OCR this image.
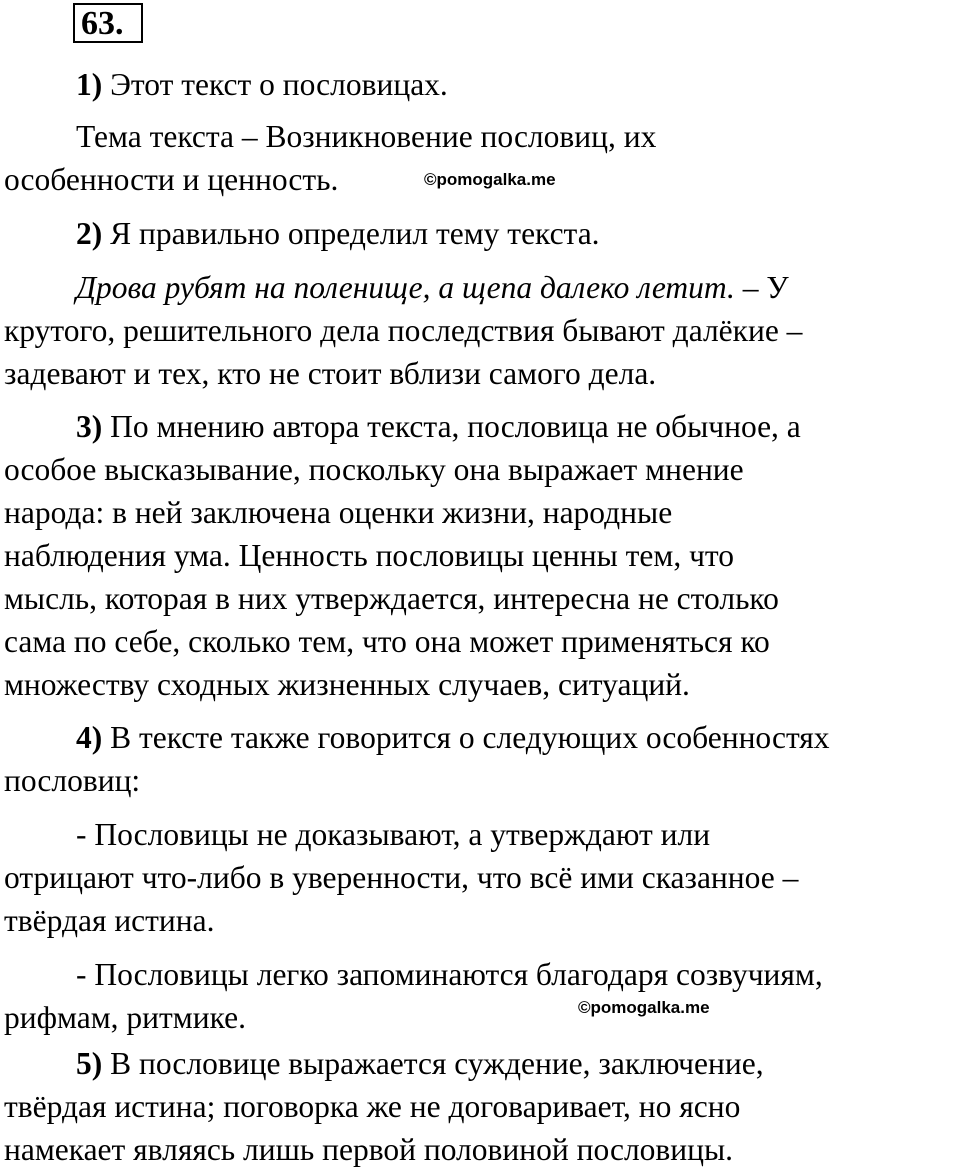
63.
1) Этот текст о пословицах.
Тема текста – Возникновение пословиц, их
особенности и ценность.	©pomogalka.me
2) Я правильно определил тему текста.
Дрова рубят на поленище, а щепа далеко летит. – У
крутого, решительного дела последствия бывают далёкие –
задевают и тех, кто не стоит вблизи самого дела.
3) По мнению автора текста, пословица не обычное, а
особое высказывание, поскольку она выражает мнение
народа: в ней заключена оценки жизни, народные
наблюдения ума. Ценность пословицы ценны тем, что
мысль, которая в них утверждается, интересна не столько
сама по себе, сколько тем, что она может применяться ко
множеству сходных жизненных случаев, ситуаций.
4) В тексте также говорится о следующих особенностях
пословиц:
- Пословицы не доказывают, а утверждают или
отрицают что-либо в уверенности, что всё ими сказанное –
твёрдая истина.
- Пословицы легко запоминаются благодаря созвучиям,
рифмам, ритмике.	©pomogalka.me
5) В пословице выражается суждение, заключение,
твёрдая истина; поговорка же не договаривает, но ясно
намекает являясь лишь первой половиной пословицы.
